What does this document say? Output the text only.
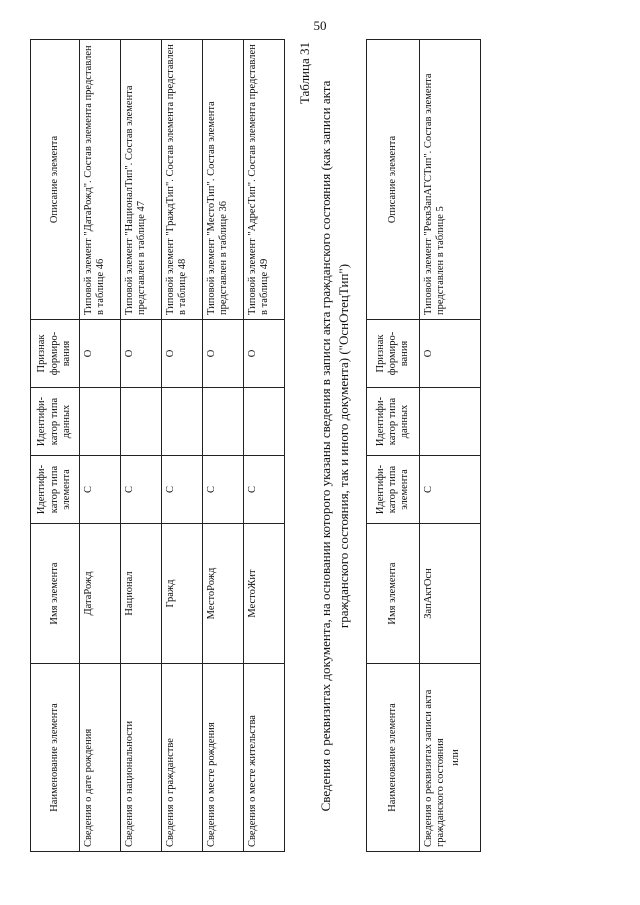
50
Наименование элемента	Имя элемента	Идентифи-катор типа элемента	Идентифи-катор типа данных	Признак формиро-вания	Описание элемента
Сведения о дате рождения	ДатаРожд	С		О	Типовой элемент "ДатаРожд". Состав элемента представлен в таблице 46
Сведения о национальности	Национал	С		О	Типовой элемент "НационалТип". Состав элемента представлен в таблице 47
Сведения о гражданстве	Гражд	С		О	Типовой элемент "ГраждТип". Состав элемента представлен в таблице 48
Сведения о месте рождения	МестоРожд	С		О	Типовой элемент "МестоТип". Состав элемента представлен в таблице 36
Сведения о месте жительства	МестоЖит	С		О	Типовой элемент "АдресТип". Состав элемента представлен в таблице 49
Таблица 31
Сведения о реквизитах документа, на основании которого указаны сведения в записи акта гражданского состояния (как записи акта гражданского состояния, так и иного документа) ("ОснОтецТип")
Наименование элемента	Имя элемента	Идентифи-катор типа элемента	Идентифи-катор типа данных	Признак формиро-вания	Описание элемента
Сведения о реквизитах записи акта гражданского состояния или	ЗапАктОсн	С		О	Типовой элемент "РеквЗапАГСТип". Состав элемента представлен в таблице 5
